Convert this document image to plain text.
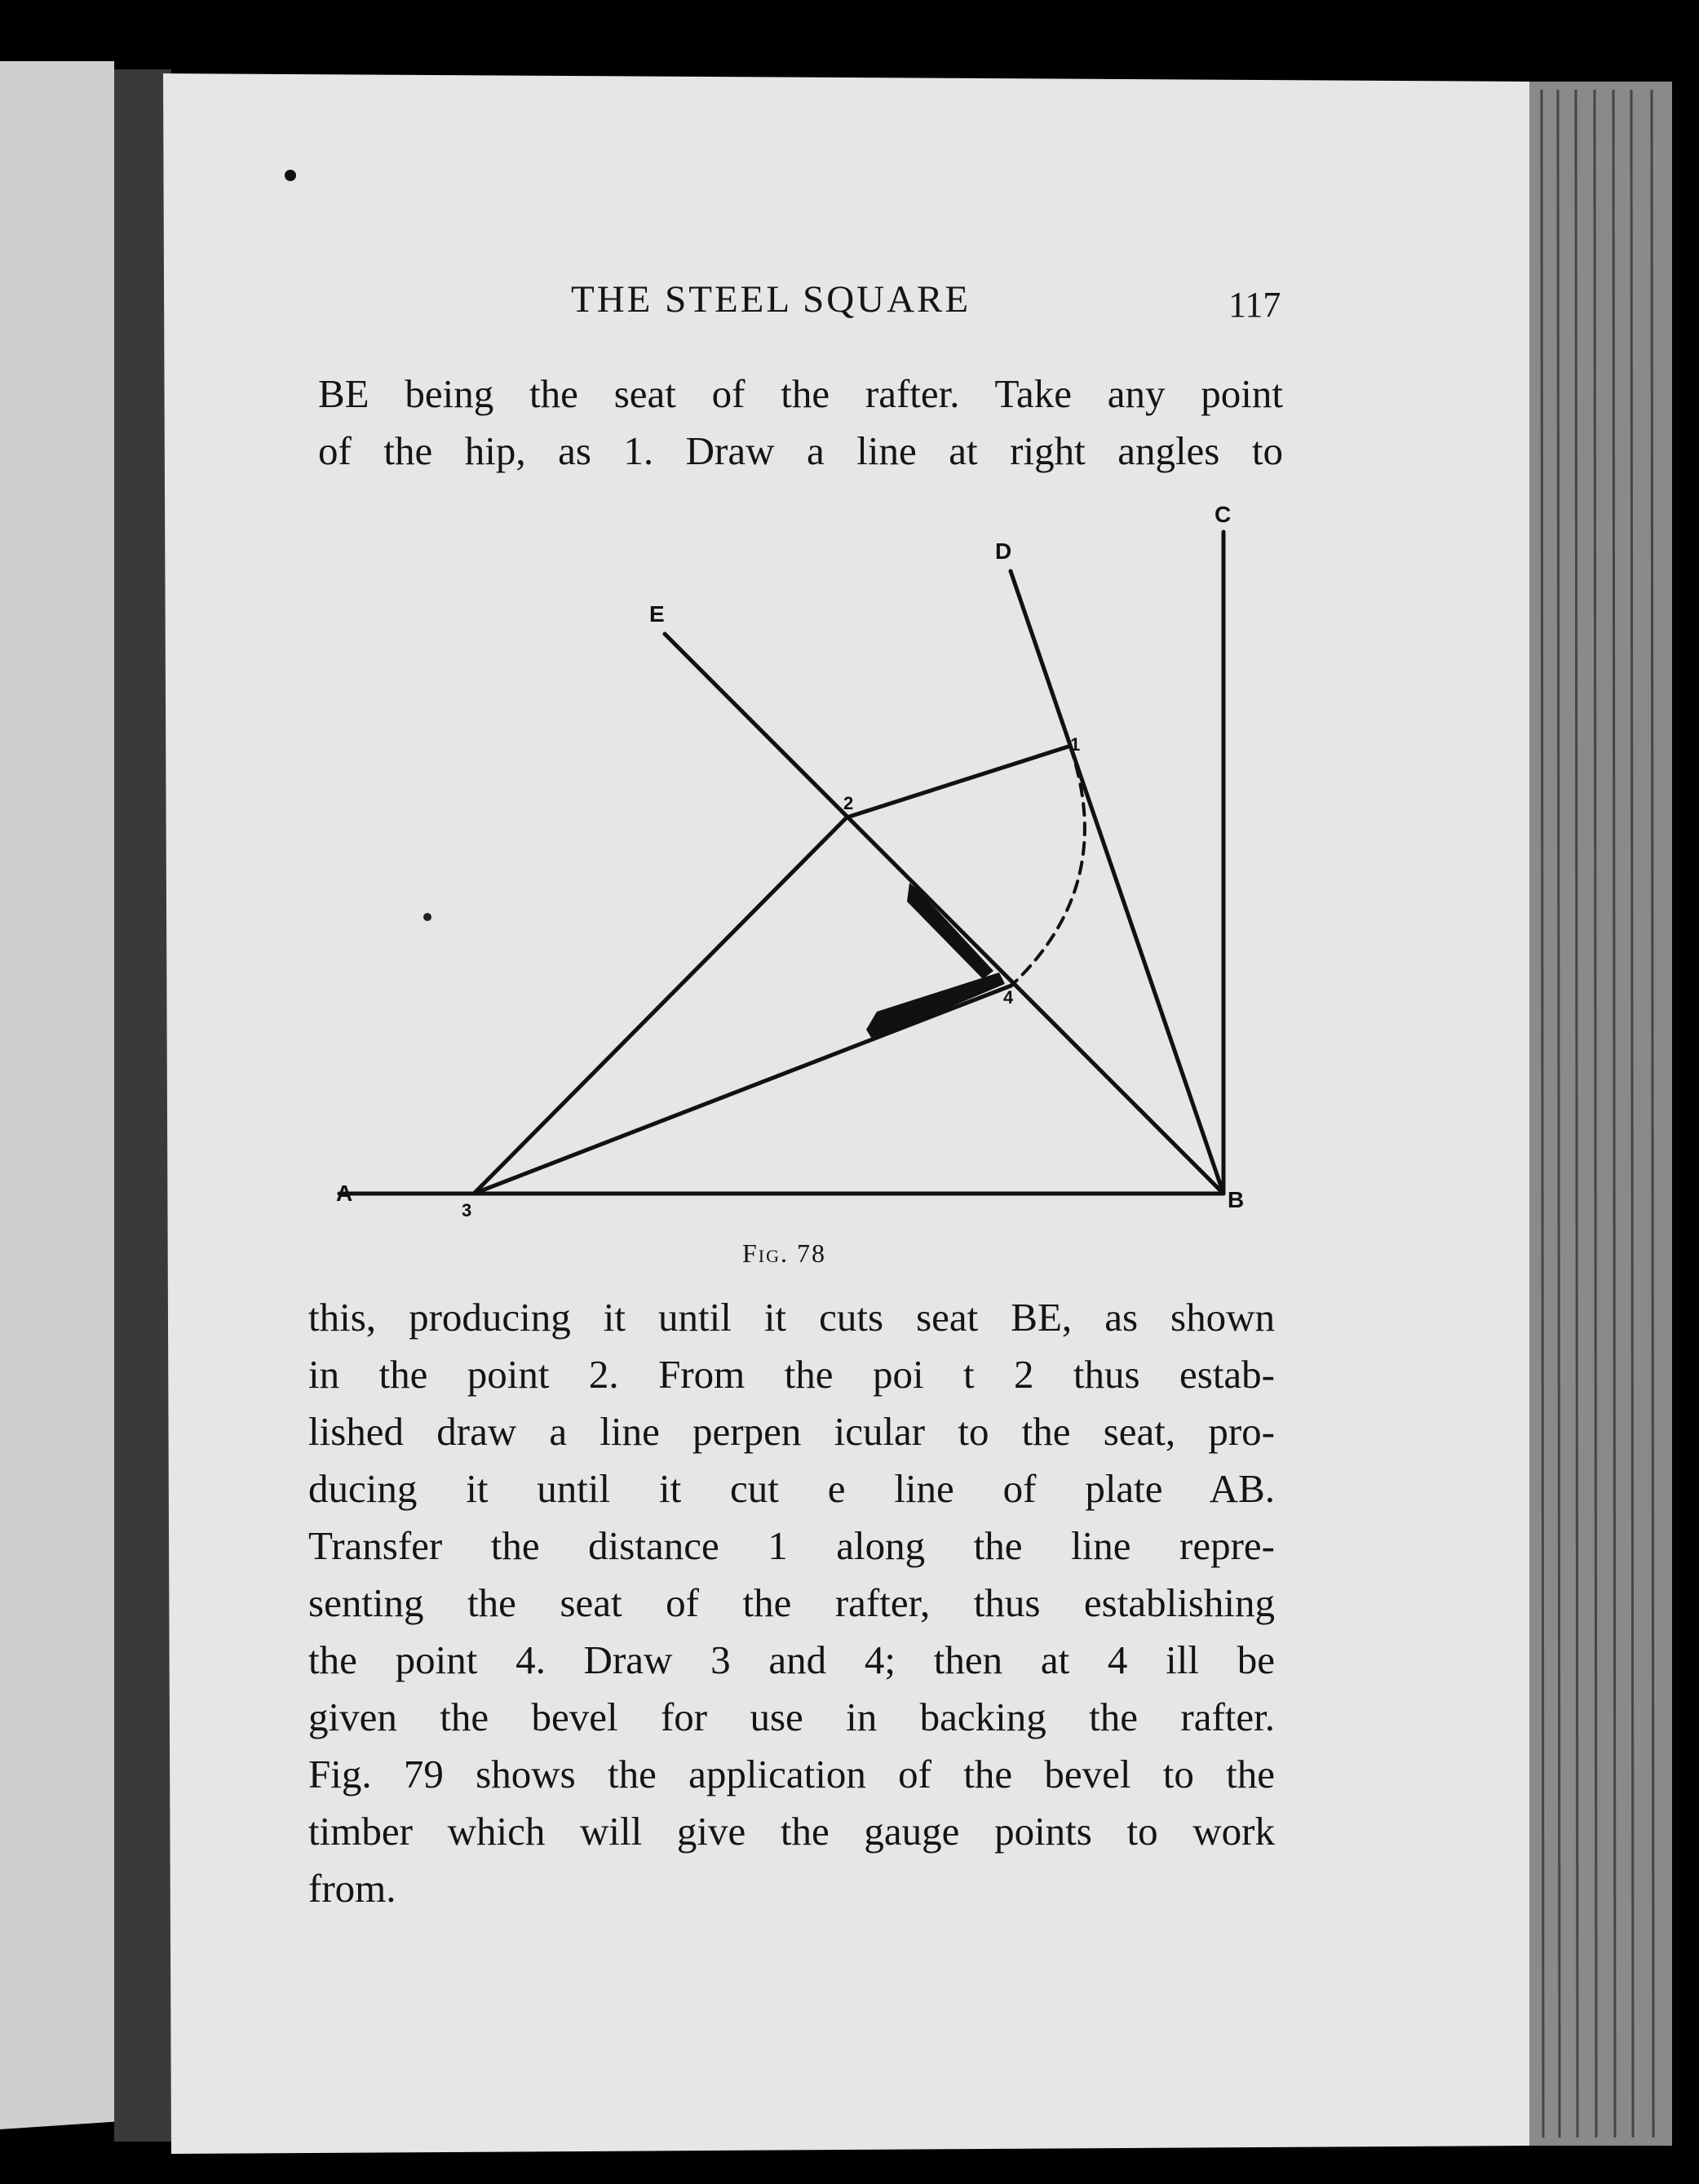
A	B
C
D
E
1
2
3
4
THE STEEL SQUARE	117
BE being the seat of the rafter. Take any point
of the hip, as 1. Draw a line at right angles to
Fig. 78
this, producing it until it cuts seat BE, as shown
in the point 2. From the poi t 2 thus estab-
lished draw a line perpen icular to the seat, pro-
ducing it until it cut e line of plate AB.
Transfer the distance 1 along the line repre-
senting the seat of the rafter, thus establishing
the point 4. Draw 3 and 4; then at 4 ill be
given the bevel for use in backing the rafter.
Fig. 79 shows the application of the bevel to the
timber which will give the gauge points to work
from.
